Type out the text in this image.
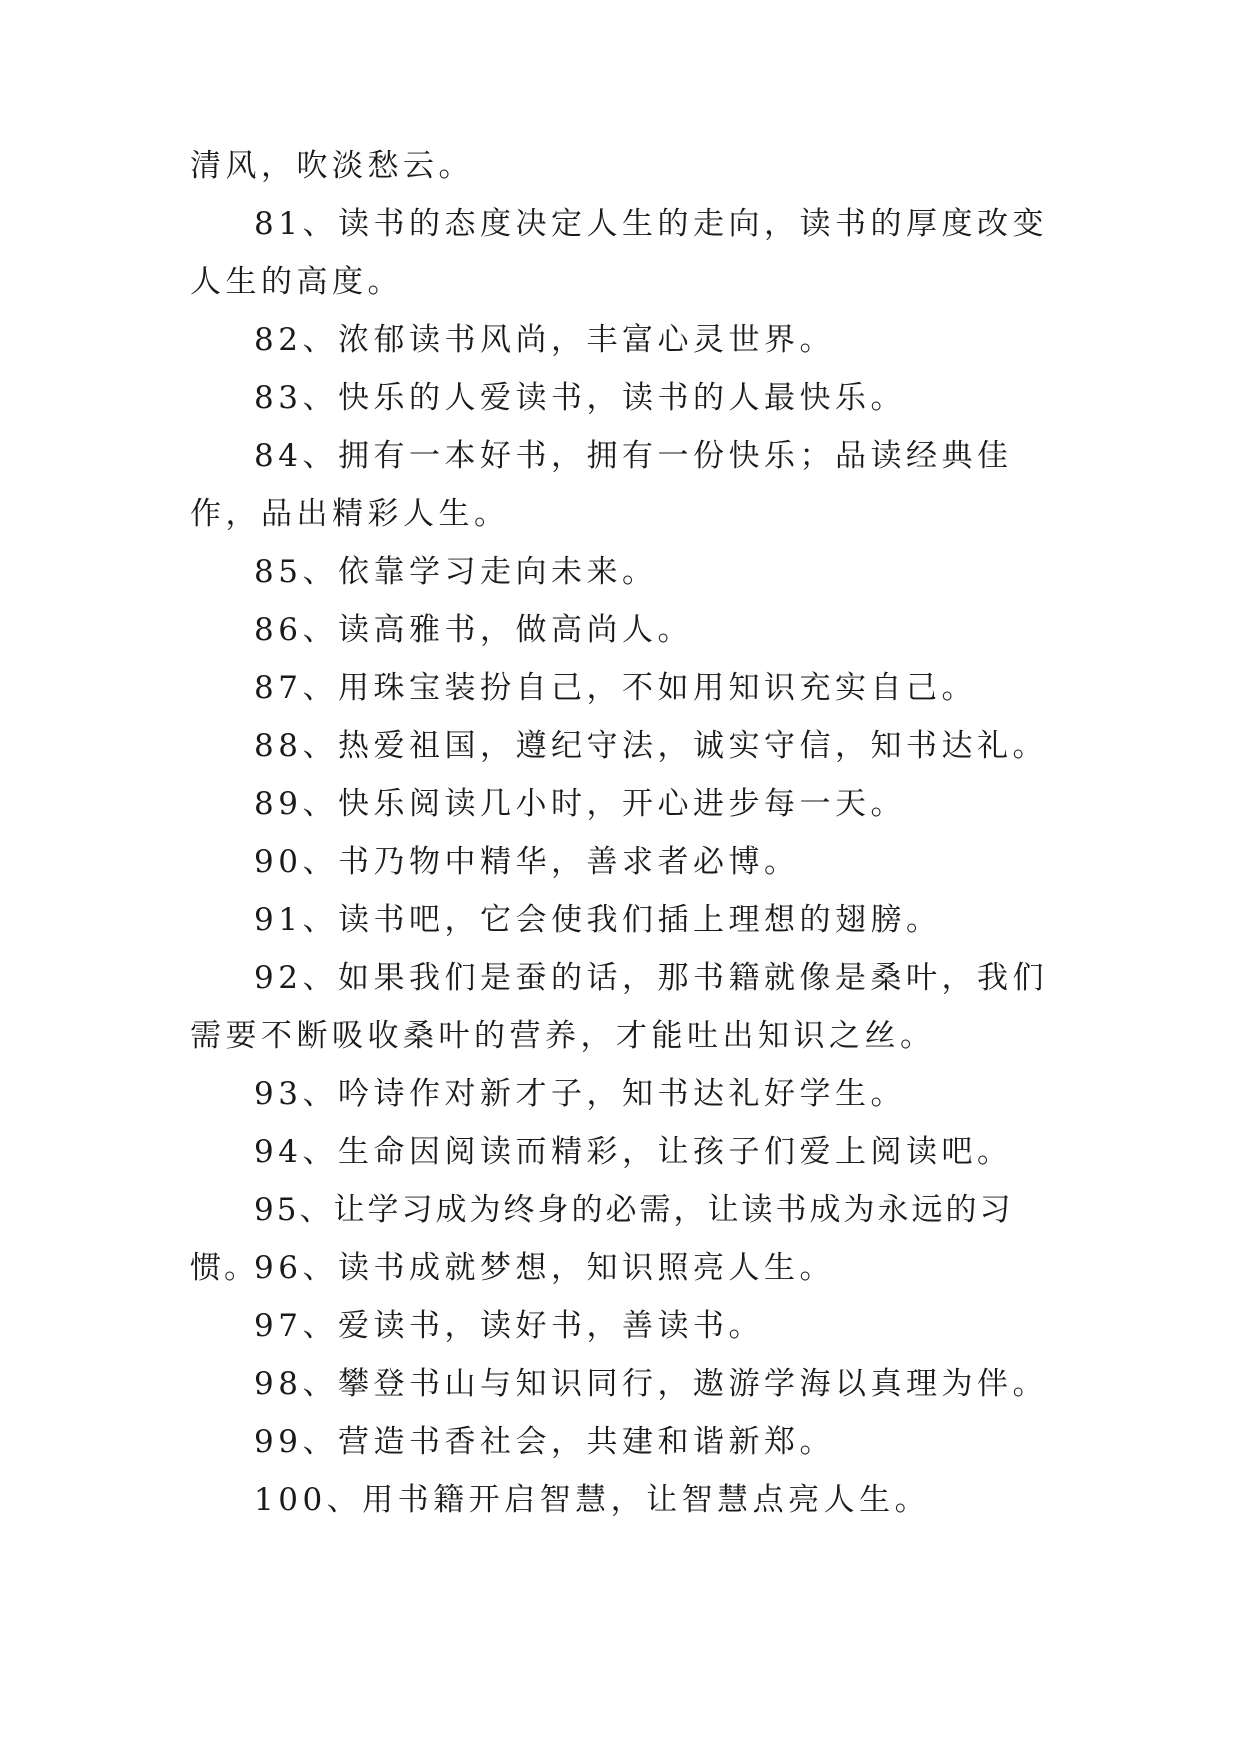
清风，吹淡愁云。

81、读书的态度决定人生的走向，读书的厚度改变人生的高度。

82、浓郁读书风尚，丰富心灵世界。

83、快乐的人爱读书，读书的人最快乐。

84、拥有一本好书，拥有一份快乐；品读经典佳作，品出精彩人生。

85、依靠学习走向未来。

86、读高雅书，做高尚人。

87、用珠宝装扮自己，不如用知识充实自己。

88、热爱祖国，遵纪守法，诚实守信，知书达礼。

89、快乐阅读几小时，开心进步每一天。

90、书乃物中精华，善求者必博。

91、读书吧，它会使我们插上理想的翅膀。

92、如果我们是蚕的话，那书籍就像是桑叶，我们需要不断吸收桑叶的营养，才能吐出知识之丝。

93、吟诗作对新才子，知书达礼好学生。

94、生命因阅读而精彩，让孩子们爱上阅读吧。

95、让学习成为终身的必需，让读书成为永远的习惯。

96、读书成就梦想，知识照亮人生。

97、爱读书，读好书，善读书。

98、攀登书山与知识同行，遨游学海以真理为伴。

99、营造书香社会，共建和谐新郑。

100、用书籍开启智慧，让智慧点亮人生。
